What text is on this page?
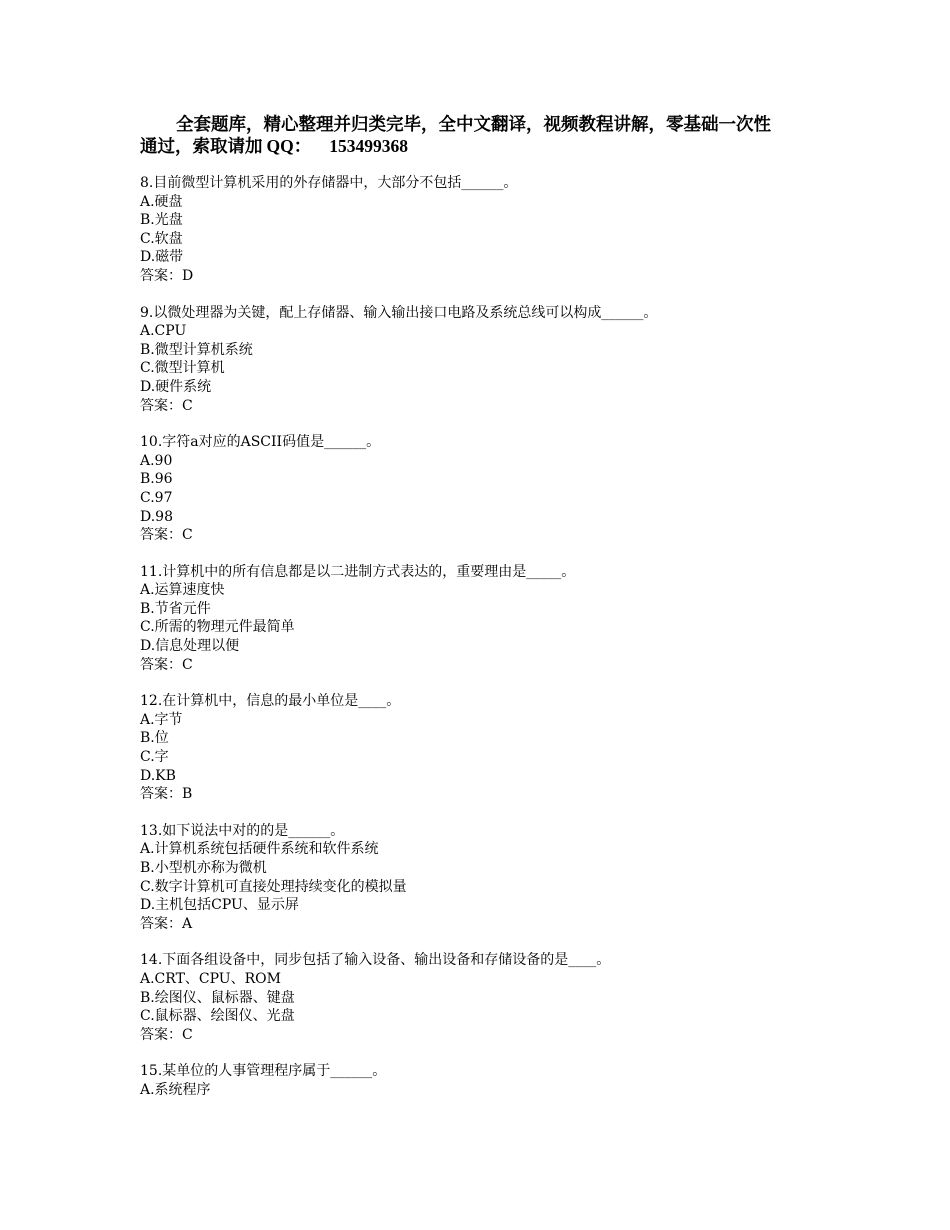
全套题库，精心整理并归类完毕，全中文翻译，视频教程讲解，零基础一次性
通过，索取请加 QQ： 153499368
8.目前微型计算机采用的外存储器中，大部分不包括______。
A.硬盘
B.光盘
C.软盘
D.磁带
答案：D
9.以微处理器为关键，配上存储器、输入输出接口电路及系统总线可以构成______。
A.CPU
B.微型计算机系统
C.微型计算机
D.硬件系统
答案：C
10.字符a对应的ASCII码值是______。
A.90
B.96
C.97
D.98
答案：C
11.计算机中的所有信息都是以二进制方式表达的，重要理由是_____。
A.运算速度快
B.节省元件
C.所需的物理元件最简单
D.信息处理以便
答案：C
12.在计算机中，信息的最小单位是____。
A.字节
B.位
C.字
D.KB
答案：B
13.如下说法中对的的是______。
A.计算机系统包括硬件系统和软件系统
B.小型机亦称为微机
C.数字计算机可直接处理持续变化的模拟量
D.主机包括CPU、显示屏
答案：A
14.下面各组设备中，同步包括了输入设备、输出设备和存储设备的是____。
A.CRT、CPU、ROM
B.绘图仪、鼠标器、键盘
C.鼠标器、绘图仪、光盘
答案：C
15.某单位的人事管理程序属于______。
A.系统程序
